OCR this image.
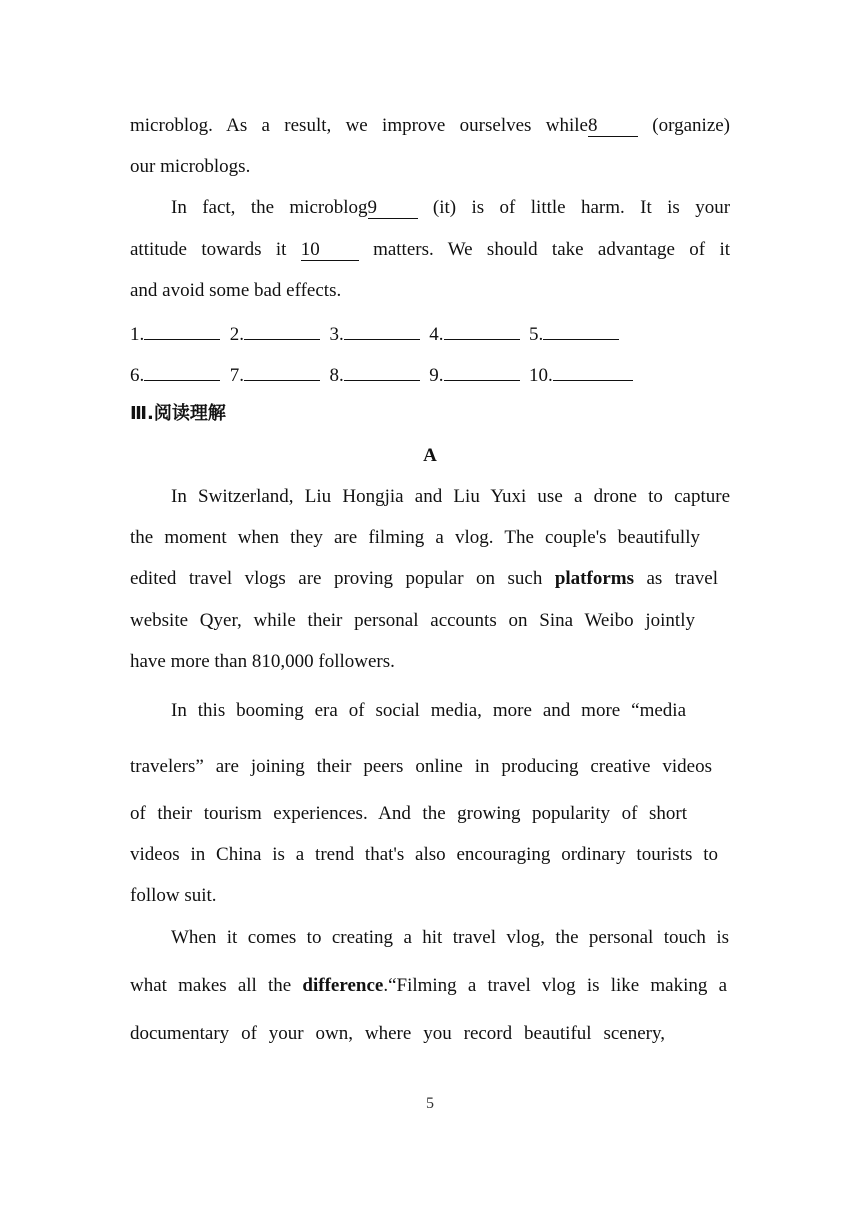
microblog. As a result, we improve ourselves while8	(organize)
our microblogs.
In fact, the microblog9	(it) is of little harm. It is your
attitude towards it 10	matters. We should take advantage of it
and avoid some bad effects.
1.	2.	3.	4.	5.
6.	7.	8.	9.	10.
Ⅲ.阅读理解
A
In Switzerland, Liu Hongjia and Liu Yuxi use a drone to capture
the moment when they are filming a vlog. The couple's beautifully
edited travel vlogs are proving popular on such platforms as travel
website Qyer, while their personal accounts on Sina Weibo jointly
have more than 810,000 followers.
In this booming era of social media, more and more “media
travelers” are joining their peers online in producing creative videos
of their tourism experiences. And the growing popularity of short
videos in China is a trend that's also encouraging ordinary tourists to
follow suit.
When it comes to creating a hit travel vlog, the personal touch is
what makes all the difference.“Filming a travel vlog is like making a
documentary of your own, where you record beautiful scenery,
5
